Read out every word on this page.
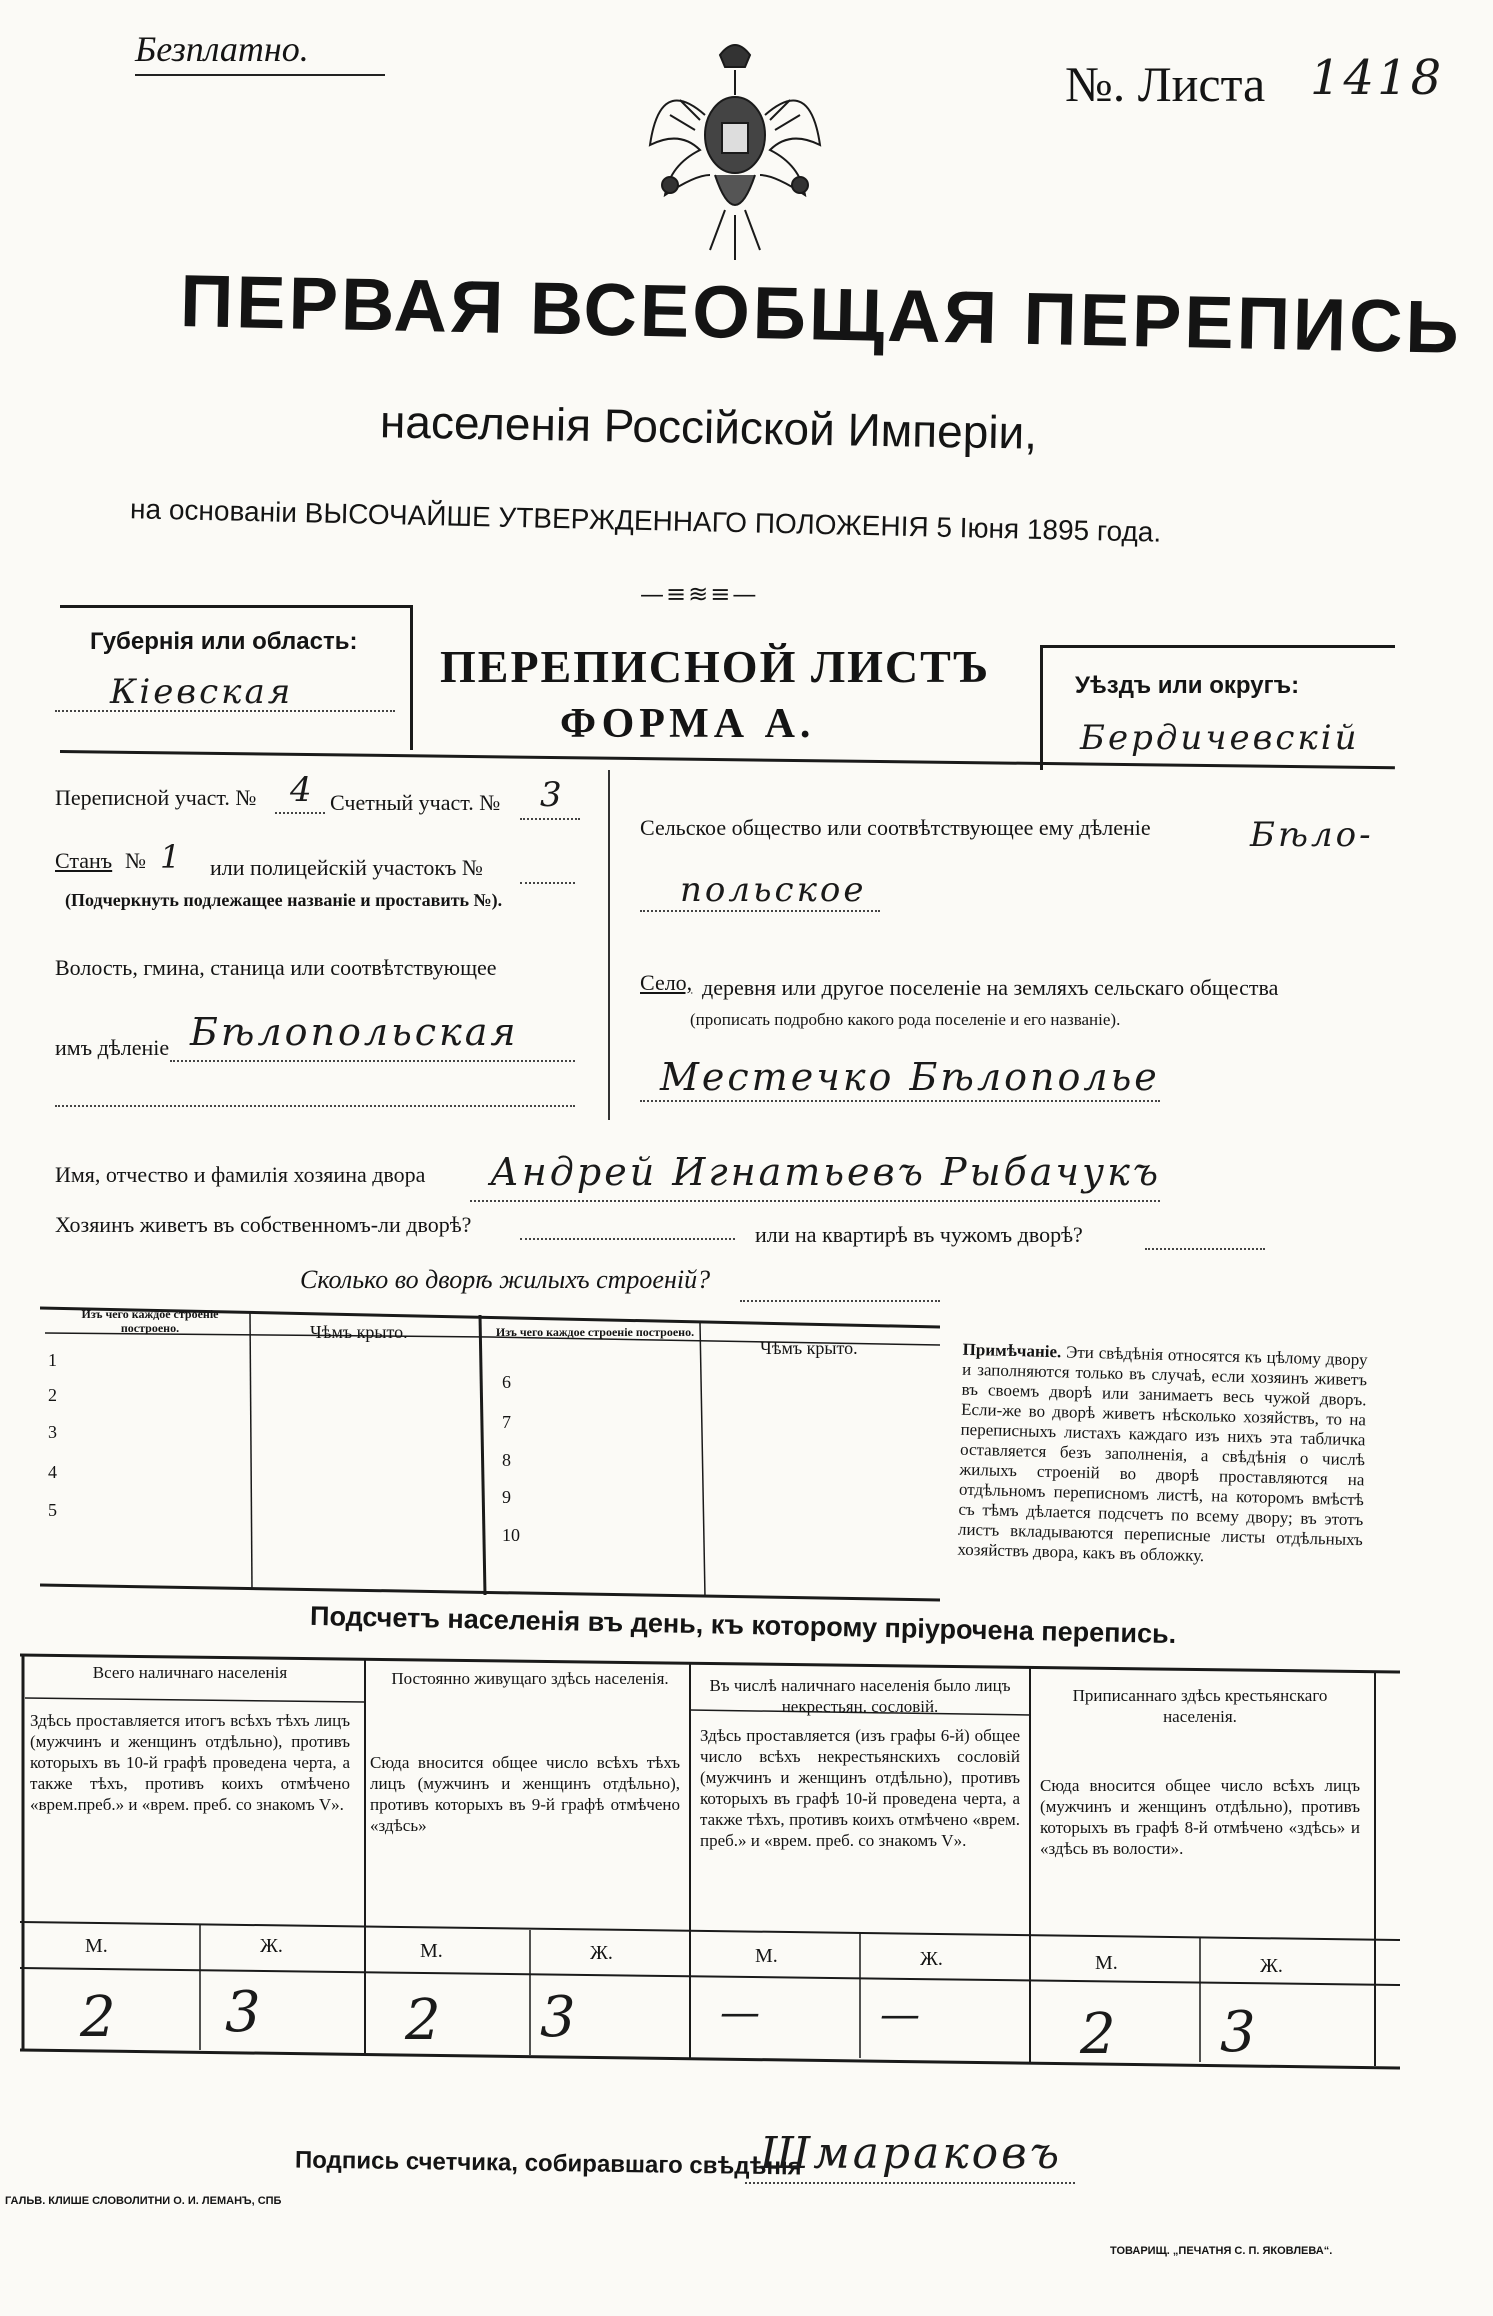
Безплатно.
№. Листа 1418
ПЕРВАЯ ВСЕОБЩАЯ ПЕРЕПИСЬ
населенія Россійской Имперіи,
на основаніи ВЫСОЧАЙШЕ УТВЕРЖДЕННАГО ПОЛОЖЕНІЯ 5 Іюня 1895 года.
—≡≋≡—
Губернія или область:
Кіевская	ПЕРЕПИСНОЙ ЛИСТЪ
ФОРМА А.
Уѣздъ или округъ:
Бердичевскій
Переписной участ. № 4 Счетный участ. № 3
Станъ № 1 или полицейскій участокъ №
(Подчеркнуть подлежащее названіе и проставить №).
Волость, гмина, станица или соотвѣтствующее
имъ дѣленіе Бѣлопольская
Сельское общество или соотвѣтствующее ему дѣленіе	Бѣло-
польское
Село, деревня или другое поселеніе на земляхъ сельскаго общества
(прописать подробно какого рода поселеніе и его названіе).
Местечко Бѣлополье
Имя, отчество и фамилія хозяина двора Андрей Игнатьевъ Рыбачукъ
Хозяинъ живетъ въ собственномъ-ли дворѣ?	или на квартирѣ въ чужомъ дворѣ?
Сколько во дворѣ жилыхъ строеній?
Изъ чего каждое строеніе построено.	Чѣмъ крыто.	Изъ чего каждое строеніе построено.
Чѣмъ крыто.
1
2
3
4
5
6
7
8
9
10
Примѣчаніе. Эти свѣдѣнія относятся къ цѣлому двору и заполняются только въ случаѣ, если хозяинъ живетъ въ своемъ дворѣ или занимаетъ весь чужой дворъ. Если-же во дворѣ живетъ нѣсколько хозяйствъ, то на переписныхъ листахъ каждаго изъ нихъ эта табличка оставляется безъ заполненія, а свѣдѣнія о числѣ жилыхъ строеній во дворѣ проставляются на отдѣльномъ переписномъ листѣ, на которомъ вмѣстѣ съ тѣмъ дѣлается подсчетъ по всему двору; въ этотъ листъ вкладываются переписные листы отдѣльныхъ хозяйствъ двора, какъ въ обложку.
Подсчетъ населенія въ день, къ которому пріурочена перепись.
Всего наличнаго населенія
Здѣсь проставляется итогъ всѣхъ тѣхъ лицъ (мужчинъ и женщинъ отдѣльно), противъ которыхъ въ 10-й графѣ проведена черта, а также тѣхъ, противъ коихъ отмѣчено «врем.преб.» и «врем. преб. со знакомъ V».
М.	Ж.
2 3
Постоянно живущаго здѣсь населенія.
Сюда вносится общее число всѣхъ тѣхъ лицъ (мужчинъ и женщинъ отдѣльно), противъ которыхъ въ 9-й графѣ отмѣчено «здѣсь»
М.	Ж.
2 3
Въ числѣ наличнаго населенія было лицъ некрестьян. сословій.
Здѣсь проставляется (изъ графы 6-й) общее число всѣхъ некрестьянскихъ сословій (мужчинъ и женщинъ отдѣльно), противъ которыхъ въ графѣ 10-й проведена черта, а также тѣхъ, противъ коихъ отмѣчено «врем. преб.» и «врем. преб. со знакомъ V».
М.	Ж.
—	—
Приписаннаго здѣсь крестьянскаго населенія.
Сюда вносится общее число всѣхъ лицъ (мужчинъ и женщинъ отдѣльно), противъ которыхъ въ графѣ 8-й отмѣчено «здѣсь» и «здѣсь въ волости».
М.	Ж.
2 3
Подпись счетчика, собиравшаго свѣдѣнія
Шмараковъ
ГАЛЬВ. КЛИШЕ СЛОВОЛИТНИ О. И. ЛЕМАНЪ, СПБ
ТОВАРИЩ. „ПЕЧАТНЯ С. П. ЯКОВЛЕВА“.
